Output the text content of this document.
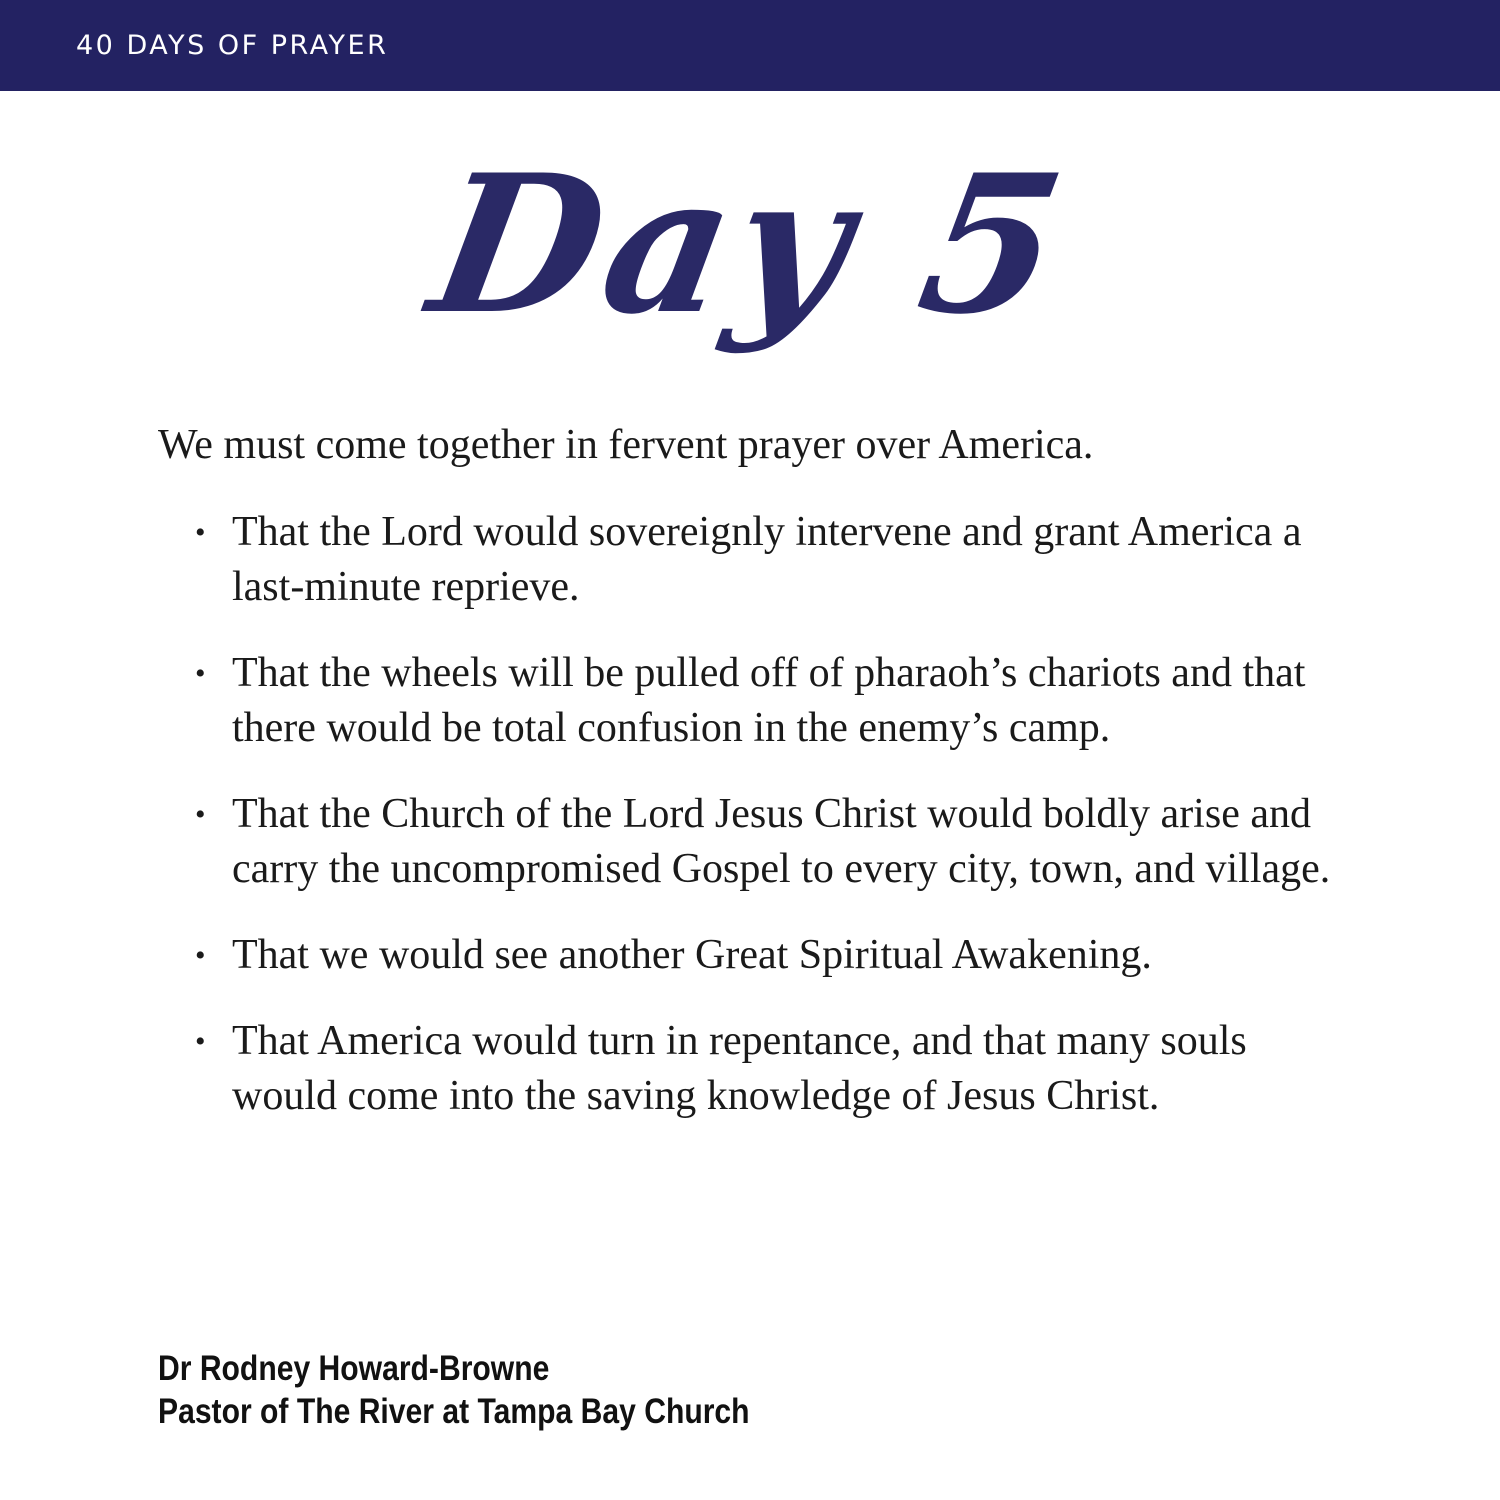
40 DAYS OF PRAYER
Day 5
We must come together in fervent prayer over America.
• That the Lord would sovereignly intervene and grant America a last-minute reprieve.
• That the wheels will be pulled off of pharaoh’s chariots and that there would be total confusion in the enemy’s camp.
• That the Church of the Lord Jesus Christ would boldly arise and carry the uncompromised Gospel to every city, town, and village.
• That we would see another Great Spiritual Awakening.
• That America would turn in repentance, and that many souls would come into the saving knowledge of Jesus Christ.
Dr Rodney Howard-Browne
Pastor of The River at Tampa Bay Church
